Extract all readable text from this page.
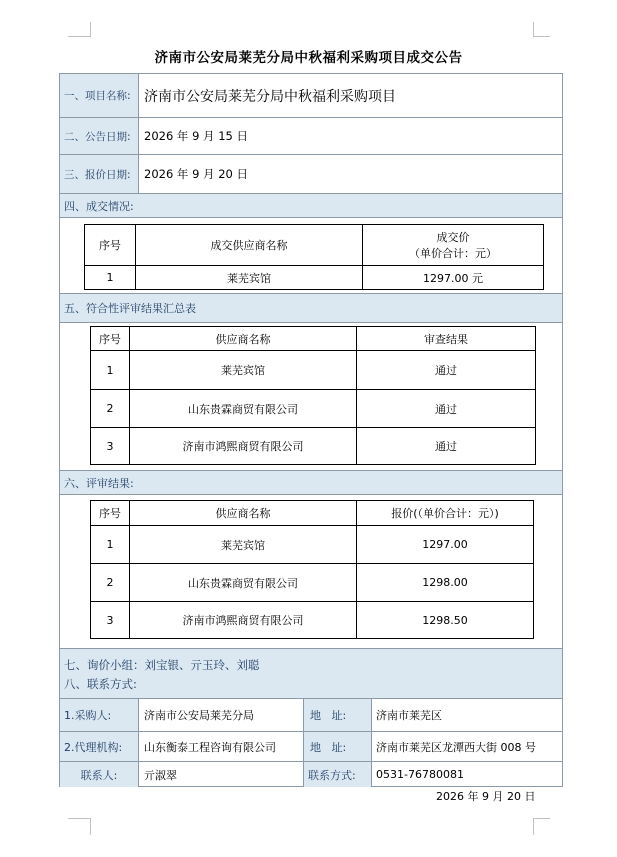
济南市公安局莱芜分局中秋福利采购项目成交公告
一、项目名称: 济南市公安局莱芜分局中秋福利采购项目
二、公告日期:	2026 年 9 月 15 日
三、报价日期:	2026 年 9 月 20 日
四、成交情况:
序号	成交供应商名称	成交价
（单价合计：元）

1	莱芜宾馆	1297.00 元
五、符合性评审结果汇总表
序号	供应商名称	审查结果
1	莱芜宾馆	通过
2	山东贵霖商贸有限公司	通过
3	济南市鸿熙商贸有限公司	通过
六、评审结果:
序号	供应商名称	报价(（单价合计：元）)
1	莱芜宾馆	1297.00
2	山东贵霖商贸有限公司	1298.00
3	济南市鸿熙商贸有限公司	1298.50
七、询价小组：刘宝银、亓玉玲、刘聪
八、联系方式:
1.采购人:	济南市公安局莱芜分局	地   址:	济南市莱芜区
2.代理机构:	山东衡泰工程咨询有限公司	地   址:	济南市莱芜区龙潭西大街 008 号
联系人:	亓淑翠	联系方式:	0531-76780081
2026 年 9 月 20 日
